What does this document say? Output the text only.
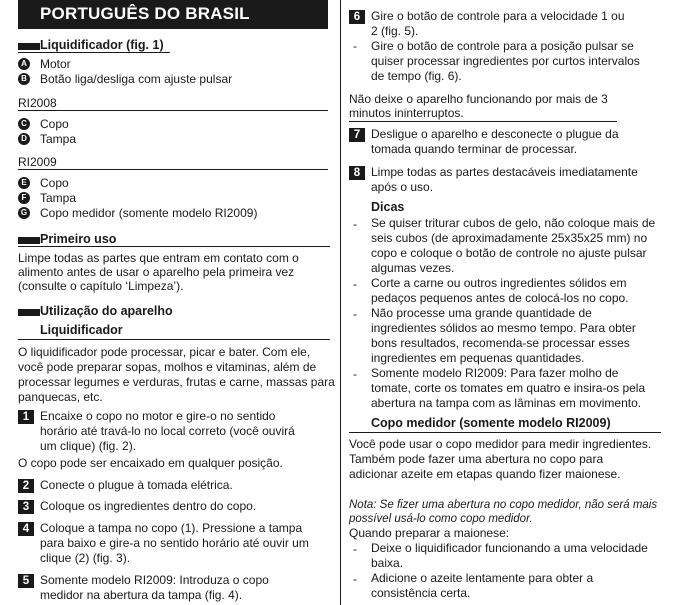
PORTUGUÊS DO BRASIL
Liquidificador (fig. 1)
A Motor
B Botão liga/desliga com ajuste pulsar
RI2008
C Copo
D Tampa
RI2009
E Copo
F Tampa
G Copo medidor (somente modelo RI2009)
Primeiro uso
Limpe todas as partes que entram em contato com o
alimento antes de usar o aparelho pela primeira vez
(consulte o capítulo ‘Limpeza’).
Utilização do aparelho
Liquidificador
O liquidificador pode processar, picar e bater. Com ele,
você pode preparar sopas, molhos e vitaminas, além de
processar legumes e verduras, frutas e carne, massas para
panquecas, etc.
1 Encaixe o copo no motor e gire-o no sentido
horário até travá-lo no local correto (você ouvirá
um clique) (fig. 2).
O copo pode ser encaixado em qualquer posição.
2 Conecte o plugue à tomada elétrica.
3 Coloque os ingredientes dentro do copo.
4 Coloque a tampa no copo (1). Pressione a tampa
para baixo e gire-a no sentido horário até ouvir um
clique (2) (fig. 3).
5 Somente modelo RI2009: Introduza o copo
medidor na abertura da tampa (fig. 4).
6 Gire o botão de controle para a velocidade 1 ou
2 (fig. 5).
- Gire o botão de controle para a posição pulsar se
quiser processar ingredientes por curtos intervalos
de tempo (fig. 6).
Não deixe o aparelho funcionando por mais de 3
minutos ininterruptos.
7 Desligue o aparelho e desconecte o plugue da
tomada quando terminar de processar.
8 Limpe todas as partes destacáveis imediatamente
após o uso.
Dicas
- Se quiser triturar cubos de gelo, não coloque mais de
seis cubos (de aproximadamente 25x35x25 mm) no
copo e coloque o botão de controle no ajuste pulsar
algumas vezes.
- Corte a carne ou outros ingredientes sólidos em
pedaços pequenos antes de colocá-los no copo.
- Não processe uma grande quantidade de
ingredientes sólidos ao mesmo tempo. Para obter
bons resultados, recomenda-se processar esses
ingredientes em pequenas quantidades.
- Somente modelo RI2009: Para fazer molho de
tomate, corte os tomates em quatro e insira-os pela
abertura na tampa com as lâminas em movimento.
Copo medidor (somente modelo RI2009)
Você pode usar o copo medidor para medir ingredientes.
Também pode fazer uma abertura no copo para
adicionar azeite em etapas quando fizer maionese.
Nota: Se fizer uma abertura no copo medidor, não será mais
possível usá-lo como copo medidor.
Quando preparar a maionese:
- Deixe o liquidificador funcionando a uma velocidade
baixa.
- Adicione o azeite lentamente para obter a
consistência certa.
